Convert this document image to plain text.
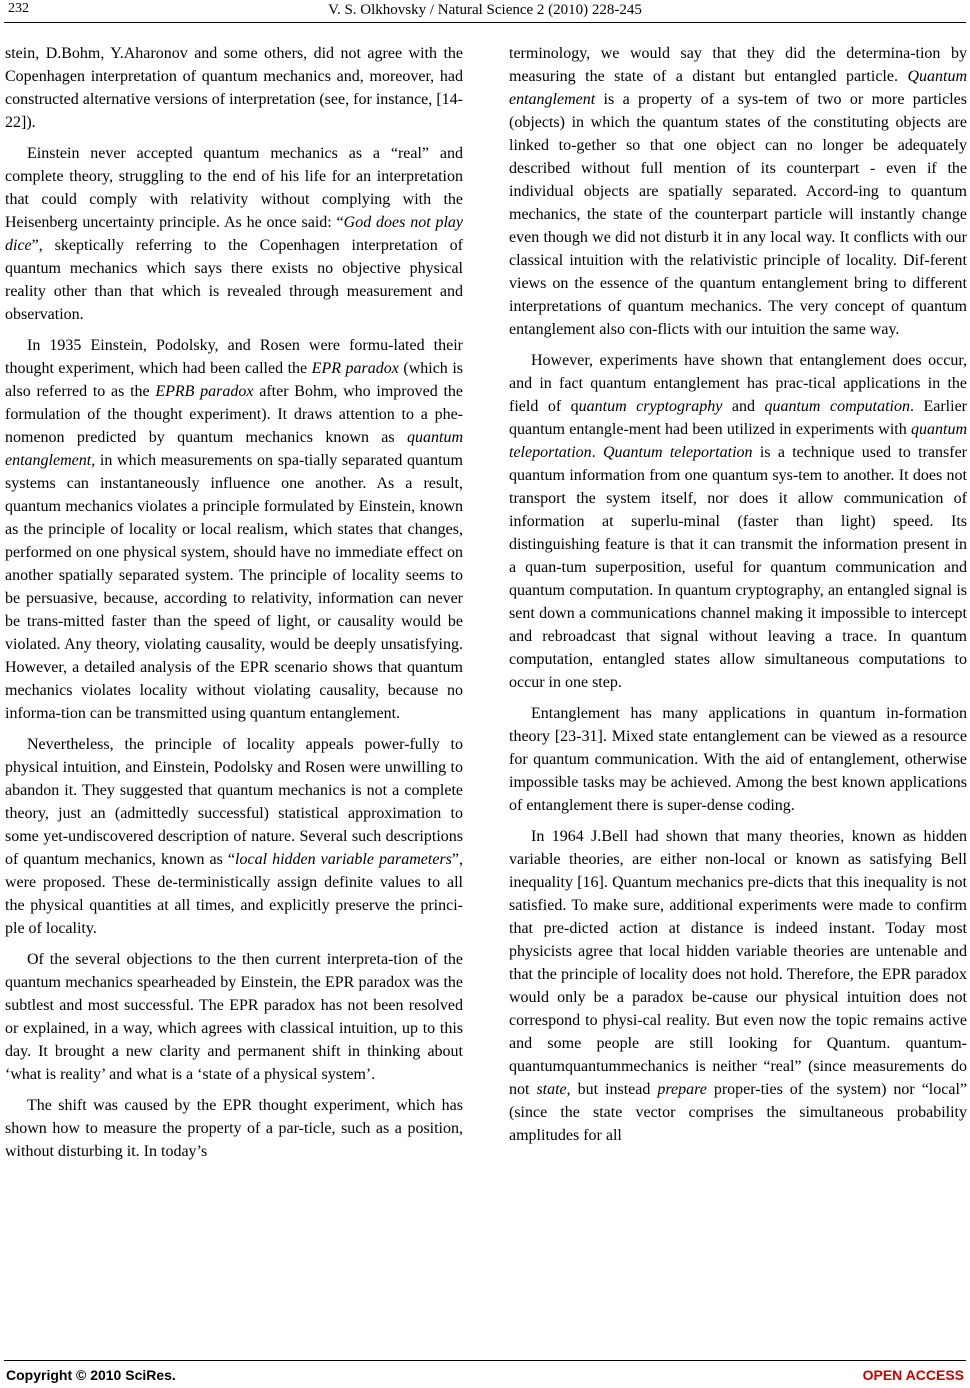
232	V. S. Olkhovsky / Natural Science 2 (2010) 228-245

stein, D.Bohm, Y.Aharonov and some others, did not agree with the Copenhagen interpretation of quantum mechanics and, moreover, had constructed alternative versions of interpretation (see, for instance, [14-22]).

Einstein never accepted quantum mechanics as a “real” and complete theory, struggling to the end of his life for an interpretation that could comply with relativity without complying with the Heisenberg uncertainty principle. As he once said: “God does not play dice”, skeptically referring to the Copenhagen interpretation of quantum mechanics which says there exists no objective physical reality other than that which is revealed through measurement and observation.

In 1935 Einstein, Podolsky, and Rosen were formu-lated their thought experiment, which had been called the EPR paradox (which is also referred to as the EPRB paradox after Bohm, who improved the formulation of the thought experiment). It draws attention to a phe-nomenon predicted by quantum mechanics known as quantum entanglement, in which measurements on spa-tially separated quantum systems can instantaneously influence one another. As a result, quantum mechanics violates a principle formulated by Einstein, known as the principle of locality or local realism, which states that changes, performed on one physical system, should have no immediate effect on another spatially separated system. The principle of locality seems to be persuasive, because, according to relativity, information can never be trans-mitted faster than the speed of light, or causality would be violated. Any theory, violating causality, would be deeply unsatisfying. However, a detailed analysis of the EPR scenario shows that quantum mechanics violates locality without violating causality, because no informa-tion can be transmitted using quantum entanglement.

Nevertheless, the principle of locality appeals power-fully to physical intuition, and Einstein, Podolsky and Rosen were unwilling to abandon it. They suggested that quantum mechanics is not a complete theory, just an (admittedly successful) statistical approximation to some yet-undiscovered description of nature. Several such descriptions of quantum mechanics, known as “local hidden variable parameters”, were proposed. These de-terministically assign definite values to all the physical quantities at all times, and explicitly preserve the princi-ple of locality.

Of the several objections to the then current interpreta-tion of the quantum mechanics spearheaded by Einstein, the EPR paradox was the subtlest and most successful. The EPR paradox has not been resolved or explained, in a way, which agrees with classical intuition, up to this day. It brought a new clarity and permanent shift in thinking about ‘what is reality’ and what is a ‘state of a physical system’.

The shift was caused by the EPR thought experiment, which has shown how to measure the property of a par-ticle, such as a position, without disturbing it. In today’s

terminology, we would say that they did the determina-tion by measuring the state of a distant but entangled particle. Quantum entanglement is a property of a sys-tem of two or more particles (objects) in which the quantum states of the constituting objects are linked to-gether so that one object can no longer be adequately described without full mention of its counterpart - even if the individual objects are spatially separated. Accord-ing to quantum mechanics, the state of the counterpart particle will instantly change even though we did not disturb it in any local way. It conflicts with our classical intuition with the relativistic principle of locality. Dif-ferent views on the essence of the quantum entanglement bring to different interpretations of quantum mechanics. The very concept of quantum entanglement also con-flicts with our intuition the same way.

However, experiments have shown that entanglement does occur, and in fact quantum entanglement has prac-tical applications in the field of quantum cryptography and quantum computation. Earlier quantum entangle-ment had been utilized in experiments with quantum teleportation. Quantum teleportation is a technique used to transfer quantum information from one quantum sys-tem to another. It does not transport the system itself, nor does it allow communication of information at superlu-minal (faster than light) speed. Its distinguishing feature is that it can transmit the information present in a quan-tum superposition, useful for quantum communication and quantum computation. In quantum cryptography, an entangled signal is sent down a communications channel making it impossible to intercept and rebroadcast that signal without leaving a trace. In quantum computation, entangled states allow simultaneous computations to occur in one step.

Entanglement has many applications in quantum in-formation theory [23-31]. Mixed state entanglement can be viewed as a resource for quantum communication. With the aid of entanglement, otherwise impossible tasks may be achieved. Among the best known applications of entanglement there is super-dense coding.

In 1964 J.Bell had shown that many theories, known as hidden variable theories, are either non-local or known as satisfying Bell inequality [16]. Quantum mechanics pre-dicts that this inequality is not satisfied. To make sure, additional experiments were made to confirm that pre-dicted action at distance is indeed instant. Today most physicists agree that local hidden variable theories are untenable and that the principle of locality does not hold. Therefore, the EPR paradox would only be a paradox be-cause our physical intuition does not correspond to physi-cal reality. But even now the topic remains active and some people are still looking for Quantum. quantum-quantumquantummechanics is neither “real” (since measurements do not state, but instead prepare proper-ties of the system) nor “local” (since the state vector comprises the simultaneous probability amplitudes for all

Copyright © 2010 SciRes.	OPEN ACCESS
